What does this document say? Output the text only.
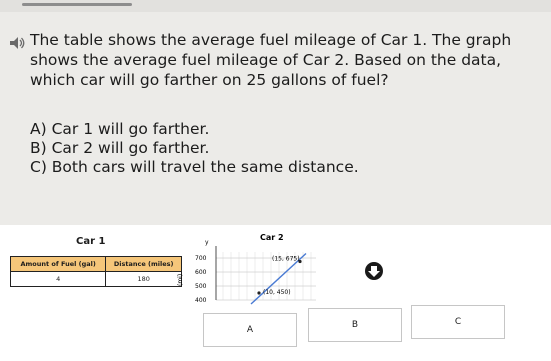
The table shows the average fuel mileage of Car 1. The graph shows the average fuel mileage of Car 2. Based on the data, which car will go farther on 25 gallons of fuel?
A) Car 1 will go farther.
B) Car 2 will go farther.
C) Both cars will travel the same distance.
Car 1
Amount of Fuel (gal)	Distance (miles)
4	180
Car 2
y
(mi)
400
500
600
700	(15, 675)
(10, 450)
A	B	C
